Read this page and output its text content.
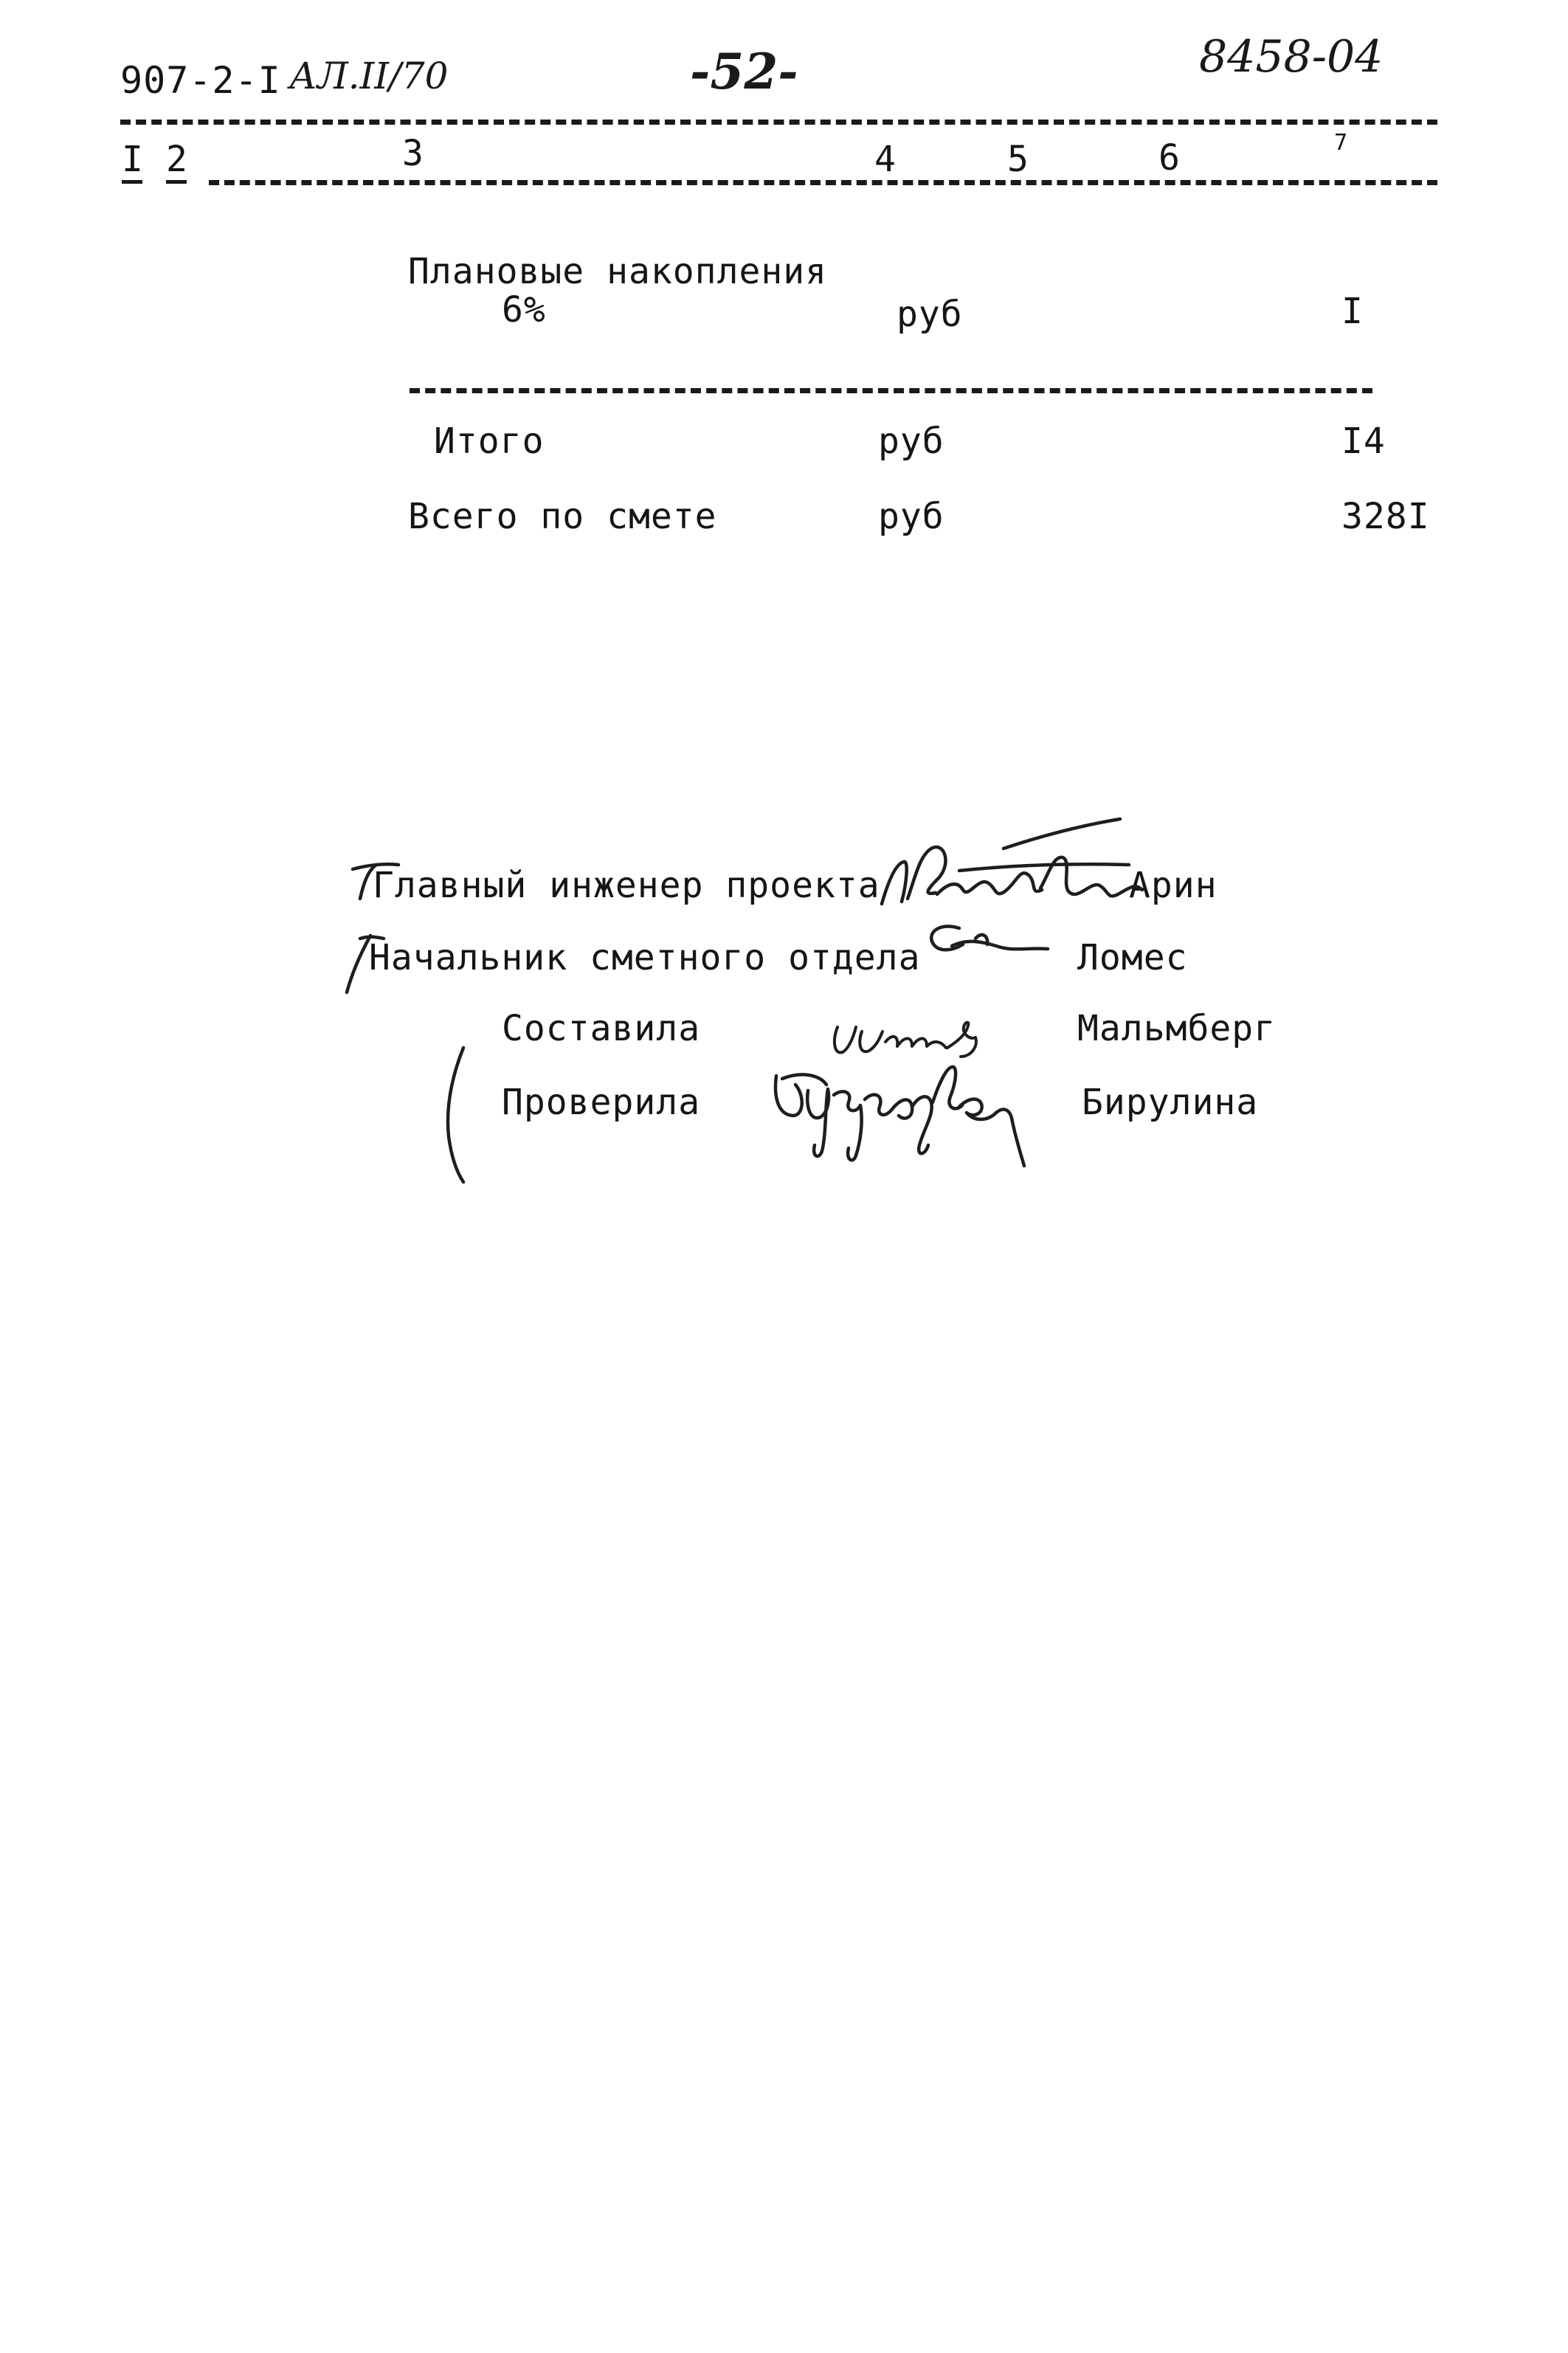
907-2-I АЛ.II/70	-52-	8458-04
I 2	3	4	5	6	7
Плановые накопления
6%	руб	I
Итого	руб	I4
Всего по смете	руб	328I
Главный инженер проекта	Арин
Начальник сметного отдела	Ломес
Составила	Мальмберг
Проверила	Бирулина
